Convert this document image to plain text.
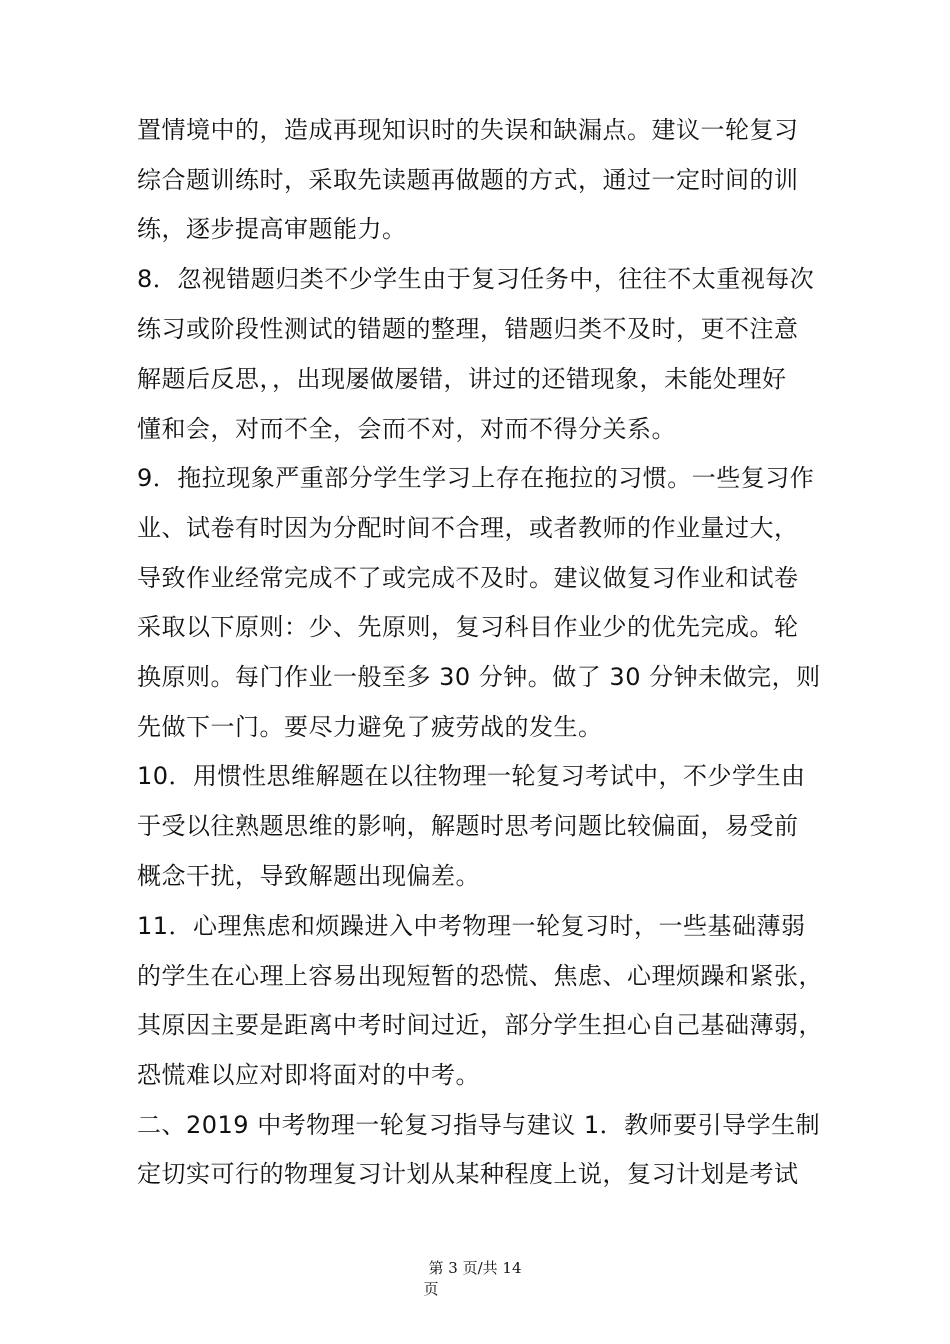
置情境中的，造成再现知识时的失误和缺漏点。建议一轮复习
综合题训练时，采取先读题再做题的方式，通过一定时间的训
练，逐步提高审题能力。
8．忽视错题归类不少学生由于复习任务中，往往不太重视每次
练习或阶段性测试的错题的整理，错题归类不及时，更不注意
解题后反思，，出现屡做屡错，讲过的还错现象，未能处理好
懂和会，对而不全，会而不对，对而不得分关系。
9．拖拉现象严重部分学生学习上存在拖拉的习惯。一些复习作
业、试卷有时因为分配时间不合理，或者教师的作业量过大，
导致作业经常完成不了或完成不及时。建议做复习作业和试卷
采取以下原则：少、先原则，复习科目作业少的优先完成。轮
换原则。每门作业一般至多 30 分钟。做了 30 分钟未做完，则
先做下一门。要尽力避免了疲劳战的发生。
10．用惯性思维解题在以往物理一轮复习考试中，不少学生由
于受以往熟题思维的影响，解题时思考问题比较偏面，易受前
概念干扰，导致解题出现偏差。
11．心理焦虑和烦躁进入中考物理一轮复习时，一些基础薄弱
的学生在心理上容易出现短暂的恐慌、焦虑、心理烦躁和紧张，
其原因主要是距离中考时间过近，部分学生担心自己基础薄弱，
恐慌难以应对即将面对的中考。
二、2019 中考物理一轮复习指导与建议 1．教师要引导学生制
定切实可行的物理复习计划从某种程度上说，复习计划是考试
第 3 页/共 14
页
